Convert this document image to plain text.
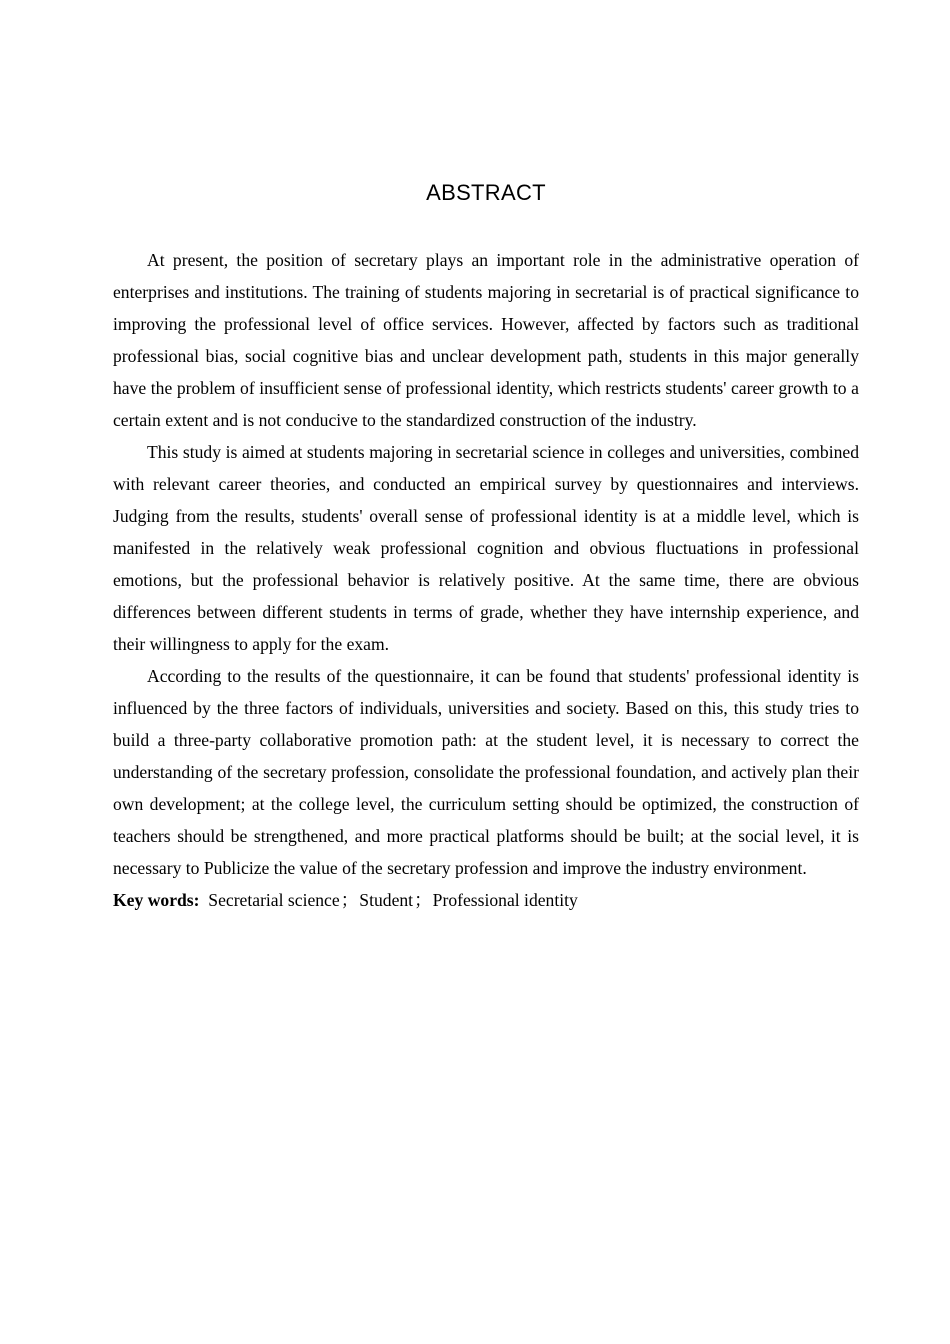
ABSTRACT

At present, the position of secretary plays an important role in the administrative operation of enterprises and institutions. The training of students majoring in secretarial is of practical significance to improving the professional level of office services. However, affected by factors such as traditional professional bias, social cognitive bias and unclear development path, students in this major generally have the problem of insufficient sense of professional identity, which restricts students' career growth to a certain extent and is not conducive to the standardized construction of the industry.

This study is aimed at students majoring in secretarial science in colleges and universities, combined with relevant career theories, and conducted an empirical survey by questionnaires and interviews. Judging from the results, students' overall sense of professional identity is at a middle level, which is manifested in the relatively weak professional cognition and obvious fluctuations in professional emotions, but the professional behavior is relatively positive. At the same time, there are obvious differences between different students in terms of grade, whether they have internship experience, and their willingness to apply for the exam.

According to the results of the questionnaire, it can be found that students' professional identity is influenced by the three factors of individuals, universities and society. Based on this, this study tries to build a three-party collaborative promotion path: at the student level, it is necessary to correct the understanding of the secretary profession, consolidate the professional foundation, and actively plan their own development; at the college level, the curriculum setting should be optimized, the construction of teachers should be strengthened, and more practical platforms should be built; at the social level, it is necessary to Publicize the value of the secretary profession and improve the industry environment.

Key words: Secretarial science；Student；Professional identity
